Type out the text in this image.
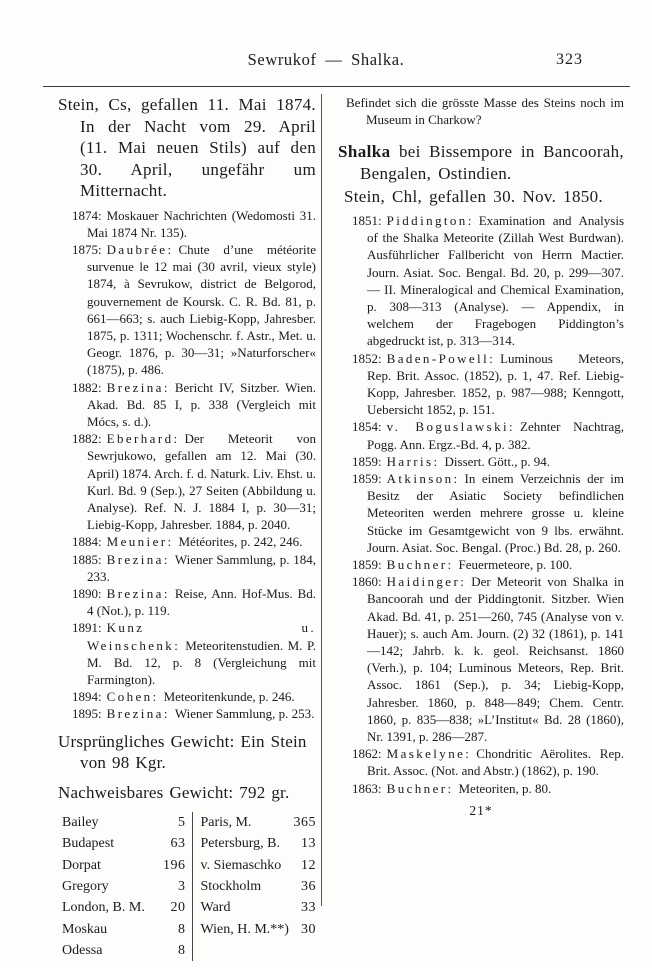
Sewrukof — Shalka.	323

Stein, Cs, gefallen 11. Mai 1874. In der Nacht vom 29. April (11. Mai neuen Stils) auf den 30. April, ungefähr um Mitternacht.

1874: Moskauer Nachrichten (Wedomosti 31. Mai 1874 Nr. 135).

1875: Daubrée: Chute d’une météorite survenue le 12 mai (30 avril, vieux style) 1874, à Sevrukow, district de Belgorod, gouvernement de Koursk. C. R. Bd. 81, p. 661—663; s. auch Liebig-Kopp, Jahresber. 1875, p. 1311; Wochenschr. f. Astr., Met. u. Geogr. 1876, p. 30—31; »Naturforscher« (1875), p. 486.

1882: Brezina: Bericht IV, Sitzber. Wien. Akad. Bd. 85 I, p. 338 (Vergleich mit Mócs, s. d.).

1882: Eberhard: Der Meteorit von Sewrjukowo, gefallen am 12. Mai (30. April) 1874. Arch. f. d. Naturk. Liv. Ehst. u. Kurl. Bd. 9 (Sep.), 27 Seiten (Abbildung u. Analyse). Ref. N. J. 1884 I, p. 30—31; Liebig-Kopp, Jahresber. 1884, p. 2040.

1884: Meunier: Météorites, p. 242, 246.

1885: Brezina: Wiener Sammlung, p. 184, 233.

1890: Brezina: Reise, Ann. Hof-Mus. Bd. 4 (Not.), p. 119.

1891: Kunz u. Weinschenk: Meteoritenstudien. M. P. M. Bd. 12, p. 8 (Vergleichung mit Farmington).

1894: Cohen: Meteoritenkunde, p. 246.

1895: Brezina: Wiener Sammlung, p. 253.

Ursprüngliches Gewicht: Ein Stein von 98 Kgr.

Nachweisbares Gewicht: 792 gr.

Bailey	5
Budapest	63
Dorpat	196
Gregory	3
London, B. M. 20
Moskau	8
Odessa	8
Paris, M.	365
Petersburg, B. 13
v. Siemaschko 12
Stockholm	36
Ward	33
Wien, H. M.**) 30

Befindet sich die grösste Masse des Steins noch im Museum in Charkow?

Shalka bei Bissempore in Bancoorah, Bengalen, Ostindien.

Stein, Chl, gefallen 30. Nov. 1850.

1851: Piddington: Examination and Analysis of the Shalka Meteorite (Zillah West Burdwan). Ausführlicher Fallbericht von Herrn Mactier. Journ. Asiat. Soc. Bengal. Bd. 20, p. 299—307. — II. Mineralogical and Chemical Examination, p. 308—313 (Analyse). — Appendix, in welchem der Fragebogen Piddington’s abgedruckt ist, p. 313—314.

1852: Baden-Powell: Luminous Meteors, Rep. Brit. Assoc. (1852), p. 1, 47. Ref. Liebig-Kopp, Jahresber. 1852, p. 987—988; Kenngott, Uebersicht 1852, p. 151.

1854: v. Boguslawski: Zehnter Nachtrag, Pogg. Ann. Ergz.-Bd. 4, p. 382.

1859: Harris: Dissert. Gött., p. 94.

1859: Atkinson: In einem Verzeichnis der im Besitz der Asiatic Society befindlichen Meteoriten werden mehrere grosse u. kleine Stücke im Gesamtgewicht von 9 lbs. erwähnt. Journ. Asiat. Soc. Bengal. (Proc.) Bd. 28, p. 260.

1859: Buchner: Feuermeteore, p. 100.

1860: Haidinger: Der Meteorit von Shalka in Bancoorah und der Piddingtonit. Sitzber. Wien Akad. Bd. 41, p. 251—260, 745 (Analyse von v. Hauer); s. auch Am. Journ. (2) 32 (1861), p. 141—142; Jahrb. k. k. geol. Reichsanst. 1860 (Verh.), p. 104; Luminous Meteors, Rep. Brit. Assoc. 1861 (Sep.), p. 34; Liebig-Kopp, Jahresber. 1860, p. 848—849; Chem. Centr. 1860, p. 835—838; »L’Institut« Bd. 28 (1860), Nr. 1391, p. 286—287.

1862: Maskelyne: Chondritic Aërolites. Rep. Brit. Assoc. (Not. and Abstr.) (1862), p. 190.

1863: Buchner: Meteoriten, p. 80.

21*
